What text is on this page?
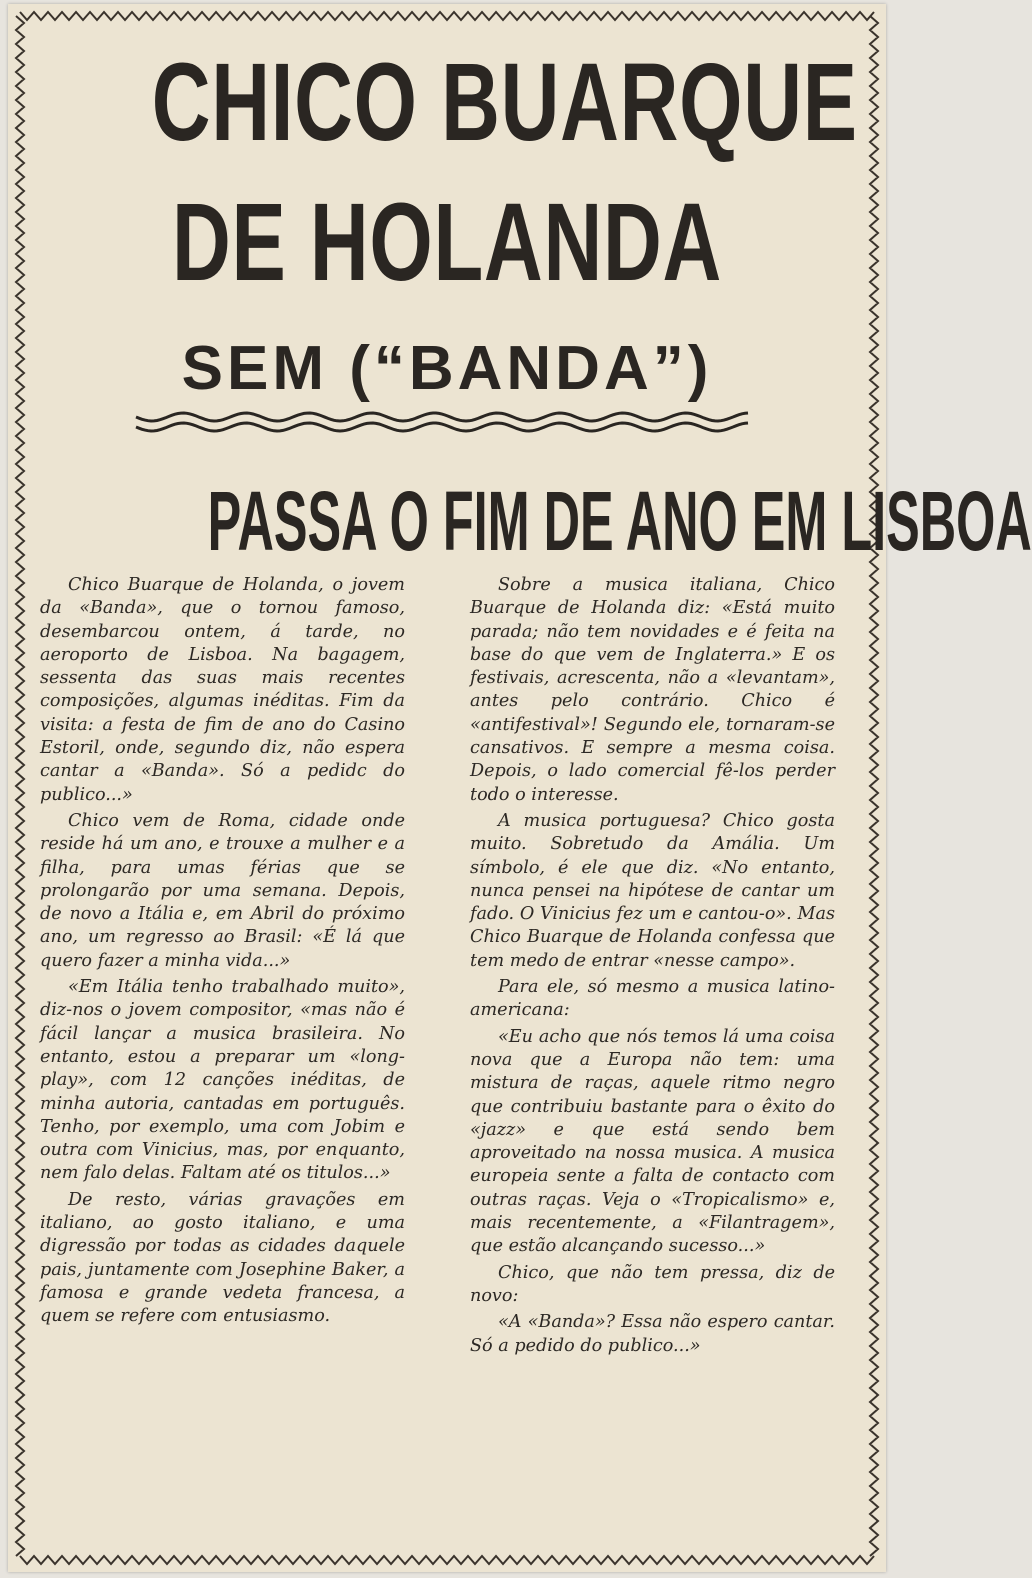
CHICO BUARQUE
DE HOLANDA
SEM (“BANDA”)
PASSA O FIM DE ANO EM LISBOA

Chico Buarque de Holanda, o jovem da «Banda», que o tornou famoso, desembarcou ontem, á tarde, no aeroporto de Lisboa. Na bagagem, sessenta das suas mais recentes composições, algumas inéditas. Fim da visita: a festa de fim de ano do Casino Estoril, onde, segundo diz, não espera cantar a «Banda». Só a pedidc do publico...»

Chico vem de Roma, cidade onde reside há um ano, e trouxe a mulher e a filha, para umas férias que se prolongarão por uma semana. Depois, de novo a Itália e, em Abril do próximo ano, um regresso ao Brasil: «É lá que quero fazer a minha vida...»

«Em Itália tenho trabalhado muito», diz-nos o jovem compositor, «mas não é fácil lançar a musica brasileira. No entanto, estou a preparar um «long-play», com 12 canções inéditas, de minha autoria, cantadas em português. Tenho, por exemplo, uma com Jobim e outra com Vinicius, mas, por enquanto, nem falo delas. Faltam até os titulos...»

De resto, várias gravações em italiano, ao gosto italiano, e uma digressão por todas as cidades daquele pais, juntamente com Josephine Baker, a famosa e grande vedeta francesa, a quem se refere com entusiasmo.

Sobre a musica italiana, Chico Buarque de Holanda diz: «Está muito parada; não tem novidades e é feita na base do que vem de Inglaterra.» E os festivais, acrescenta, não a «levantam», antes pelo contrário. Chico é «antifestival»! Segundo ele, tornaram-se cansativos. E sempre a mesma coisa. Depois, o lado comercial fê-los perder todo o interesse.

A musica portuguesa? Chico gosta muito. Sobretudo da Amália. Um símbolo, é ele que diz. «No entanto, nunca pensei na hipótese de cantar um fado. O Vinicius fez um e cantou-o». Mas Chico Buarque de Holanda confessa que tem medo de entrar «nesse campo».

Para ele, só mesmo a musica latino-americana:

«Eu acho que nós temos lá uma coisa nova que a Europa não tem: uma mistura de raças, aquele ritmo negro que contribuiu bastante para o êxito do «jazz» e que está sendo bem aproveitado na nossa musica. A musica europeia sente a falta de contacto com outras raças. Veja o «Tropicalismo» e, mais recentemente, a «Filantragem», que estão alcançando sucesso...»

Chico, que não tem pressa, diz de novo:

«A «Banda»? Essa não espero cantar. Só a pedido do publico...»
